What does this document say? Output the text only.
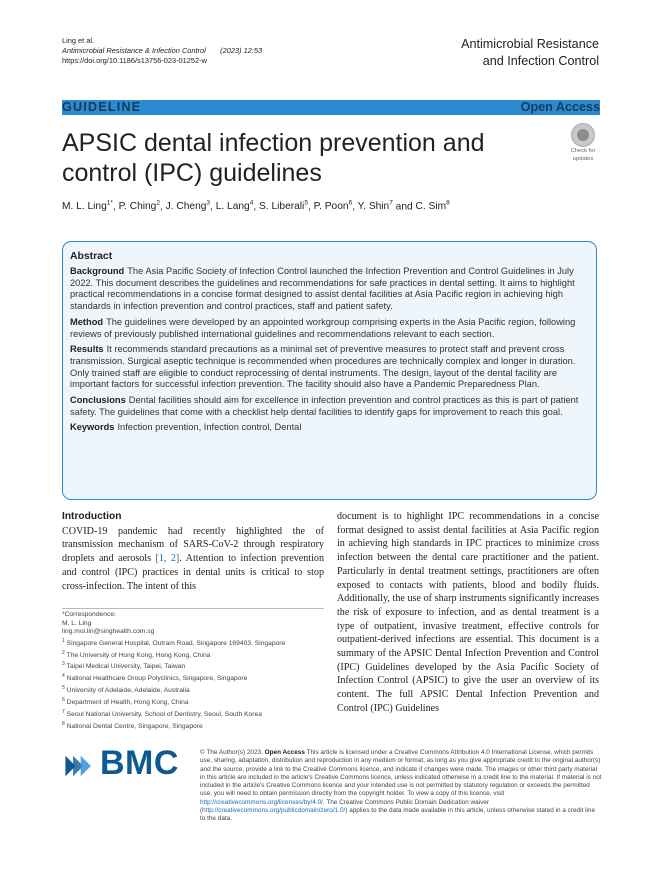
Ling et al.
Antimicrobial Resistance & Infection Control (2023) 12:53
https://doi.org/10.1186/s13756-023-01252-w
Antimicrobial Resistance
and Infection Control
GUIDELINE	Open Access
APSIC dental infection prevention and control (IPC) guidelines
Check for
updates
M. L. Ling$^{1*}$, P. Ching$^2$, J. Cheng$^3$, L. Lang$^4$, S. Liberali$^5$, P. Poon$^6$, Y. Shin$^7$ and C. Sim$^8$
Abstract

Background The Asia Pacific Society of Infection Control launched the Infection Prevention and Control Guidelines in July 2022. This document describes the guidelines and recommendations for safe practices in dental setting. It aims to highlight practical recommendations in a concise format designed to assist dental facilities at Asia Pacific region in achieving high standards in infection prevention and control practices, staff and patient safety.

Method The guidelines were developed by an appointed workgroup comprising experts in the Asia Pacific region, following reviews of previously published international guidelines and recommendations relevant to each section.

Results It recommends standard precautions as a minimal set of preventive measures to protect staff and prevent cross transmission. Surgical aseptic technique is recommended when procedures are technically complex and longer in duration. Only trained staff are eligible to conduct reprocessing of dental instruments. The design, layout of the dental facility are important factors for successful infection prevention. The facility should also have a Pandemic Preparedness Plan.

Conclusions Dental facilities should aim for excellence in infection prevention and control practices as this is part of patient safety. The guidelines that come with a checklist help dental facilities to identify gaps for improvement to reach this goal.

Keywords Infection prevention, Infection control, Dental

Introduction
COVID-19 pandemic had recently highlighted the of transmission mechanism of SARS-CoV-2 through respiratory droplets and aerosols [1, 2]. Attention to infection prevention and control (IPC) practices in dental units is critical to stop cross-infection. The intent of this
document is to highlight IPC recommendations in a concise format designed to assist dental facilities at Asia Pacific region in achieving high standards in IPC practices to minimize cross infection between the dental care practitioner and the patient. Particularly in dental treatment settings, practitioners are often exposed to contacts with patients, blood and bodily fluids. Additionally, the use of sharp instruments significantly increases the risk of exposure to infection, and as dental treatment is a type of outpatient, invasive treatment, effective controls for outpatient-derived infections are essential. This document is a summary of the APSIC Dental Infection Prevention and Control (IPC) Guidelines developed by the Asia Pacific Society of Infection Control (APSIC) to give the user an overview of its content. The full APSIC Dental Infection Prevention and Control (IPC) Guidelines
*Correspondence:
M. L. Ling
ling.moi.lin@singhealth.com.sg
$^1$ Singapore General Hospital, Outram Road, Singapore 169403, Singapore
$^2$ The University of Hong Kong, Hong Kong, China
$^3$ Taipei Medical University, Taipei, Taiwan
$^4$ National Healthcare Group Polyclinics, Singapore, Singapore
$^5$ University of Adelaide, Adelaide, Australia
$^6$ Department of Health, Hong Kong, China
$^7$ Seoul National University, School of Dentistry, Seoul, South Korea
$^8$ National Dental Centre, Singapore, Singapore
BMC	© The Author(s) 2023. Open Access This article is licensed under a Creative Commons Attribution 4.0 International License, which permits use, sharing, adaptation, distribution and reproduction in any medium or format, as long as you give appropriate credit to the original author(s) and the source, provide a link to the Creative Commons licence, and indicate if changes were made. The images or other third party material in this article are included in the article's Creative Commons licence, unless indicated otherwise in a credit line to the material. If material is not included in the article's Creative Commons licence and your intended use is not permitted by statutory regulation or exceeds the permitted use, you will need to obtain permission directly from the copyright holder. To view a copy of this licence, visit http://creativecommons.org/licenses/by/4.0/. The Creative Commons Public Domain Dedication waiver (http://creativecommons.org/publicdomain/zero/1.0/) applies to the data made available in this article, unless otherwise stated in a credit line to the data.
